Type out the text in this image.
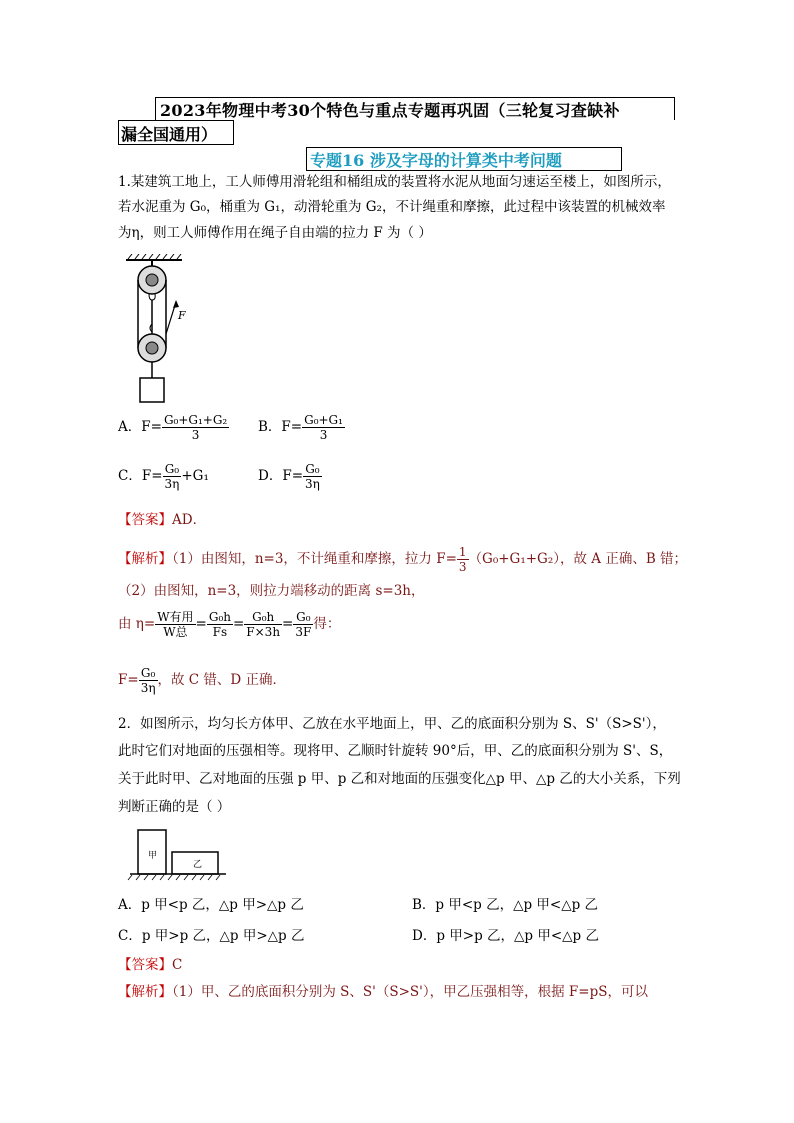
2023年物理中考30个特色与重点专题再巩固（三轮复习查缺补
漏全国通用）
专题16 涉及字母的计算类中考问题
1.某建筑工地上，工人师傅用滑轮组和桶组成的装置将水泥从地面匀速运至楼上，如图所示，
若水泥重为 G₀，桶重为 G₁，动滑轮重为 G₂，不计绳重和摩擦，此过程中该装置的机械效率
为η，则工人师傅作用在绳子自由端的拉力 F 为（ ）
F
A．$F= \frac{\text{G₀+G₁+G₂}}{3}$ B．$F= \frac{\text{G₀+G₁}}{3}$
C．$F= \frac{\text{G₀}}{3\eta} +G_1$	D．$F= \frac{\text{G₀}}{3\eta}$
【答案】AD．
【解析】（1）由图知，n=3，不计绳重和摩擦，拉力 $F= \frac{1}{3} (G_0+G_1+G_2)$，故 A 正确、B 错；
（2）由图知，n=3，则拉力端移动的距离 s=3h，
由 $\eta= \frac{\text{W有用}}{\text{W总}} = \frac{\text{G₀h}}{Fs} = \frac{\text{G₀h}}{F\times 3h} = \frac{\text{G₀}}{3F}$ 得：
$F= \frac{\text{G₀}}{3\eta}$ ，故 C 错、D 正确．
2．如图所示，均匀长方体甲、乙放在水平地面上，甲、乙的底面积分别为 S、S'（S>S'），
此时它们对地面的压强相等。现将甲、乙顺时针旋转 90°后，甲、乙的底面积分别为 S'、S，
关于此时甲、乙对地面的压强 p 甲、p 乙和对地面的压强变化△p 甲、△p 乙的大小关系，下列
判断正确的是（ ）
甲
乙
A．p 甲<p 乙，△p 甲>△p 乙	B．p 甲<p 乙，△p 甲<△p 乙
C．p 甲>p 乙，△p 甲>△p 乙	D．p 甲>p 乙，△p 甲<△p 乙
【答案】C
【解析】（1）甲、乙的底面积分别为 S、S'（S>S'），甲乙压强相等，根据 F=pS，可以
